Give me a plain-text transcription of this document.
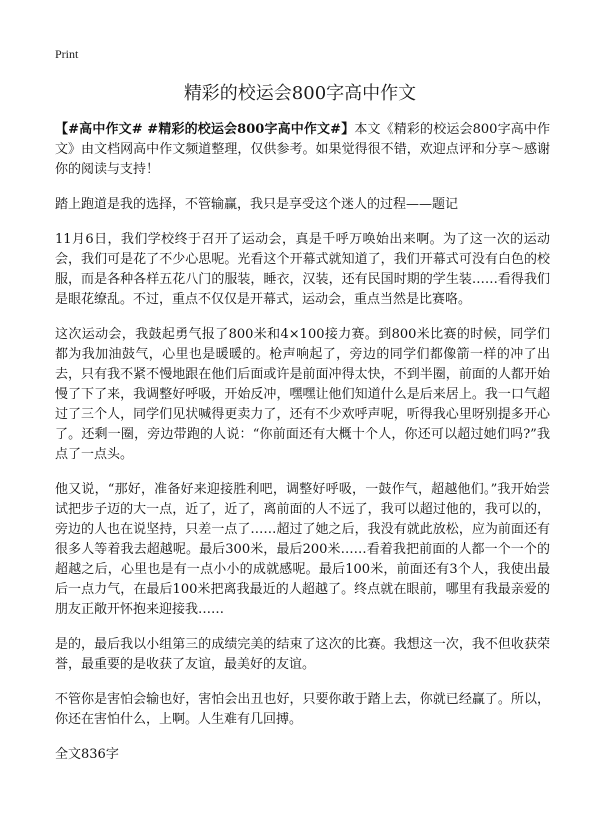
Print
精彩的校运会800字高中作文

【#高中作文# #精彩的校运会800字高中作文#】本文《精彩的校运会800字高中作文》由文档网高中作文频道整理，仅供参考。如果觉得很不错，欢迎点评和分享～感谢你的阅读与支持！

踏上跑道是我的选择，不管输赢，我只是享受这个迷人的过程——题记

11月6日，我们学校终于召开了运动会，真是千呼万唤始出来啊。为了这一次的运动会，我们可是花了不少心思呢。光看这个开幕式就知道了，我们开幕式可没有白色的校服，而是各种各样五花八门的服装，睡衣，汉装，还有民国时期的学生装……看得我们是眼花缭乱。不过，重点不仅仅是开幕式，运动会，重点当然是比赛咯。

这次运动会，我鼓起勇气报了800米和4×100接力赛。到800米比赛的时候，同学们都为我加油鼓气，心里也是暖暖的。枪声响起了，旁边的同学们都像箭一样的冲了出去，只有我不紧不慢地跟在他们后面或许是前面冲得太快，不到半圈，前面的人都开始慢了下了来，我调整好呼吸，开始反冲，嘿嘿让他们知道什么是后来居上。我一口气超过了三个人，同学们见状喊得更卖力了，还有不少欢呼声呢，听得我心里呀别提多开心了。还剩一圈，旁边带跑的人说：“你前面还有大概十个人，你还可以超过她们吗?”我点了一点头。

他又说，“那好，准备好来迎接胜利吧，调整好呼吸，一鼓作气，超越他们。”我开始尝试把步子迈的大一点，近了，近了，离前面的人不远了，我可以超过他的，我可以的，旁边的人也在说坚持，只差一点了……超过了她之后，我没有就此放松，应为前面还有很多人等着我去超越呢。最后300米，最后200米……看着我把前面的人都一个一个的超越之后，心里也是有一点小小的成就感呢。最后100米，前面还有3个人，我使出最后一点力气，在最后100米把离我最近的人超越了。终点就在眼前，哪里有我最亲爱的朋友正敞开怀抱来迎接我……

是的，最后我以小组第三的成绩完美的结束了这次的比赛。我想这一次，我不但收获荣誉，最重要的是收获了友谊，最美好的友谊。

不管你是害怕会输也好，害怕会出丑也好，只要你敢于踏上去，你就已经赢了。所以，你还在害怕什么，上啊。人生难有几回搏。

全文836字
